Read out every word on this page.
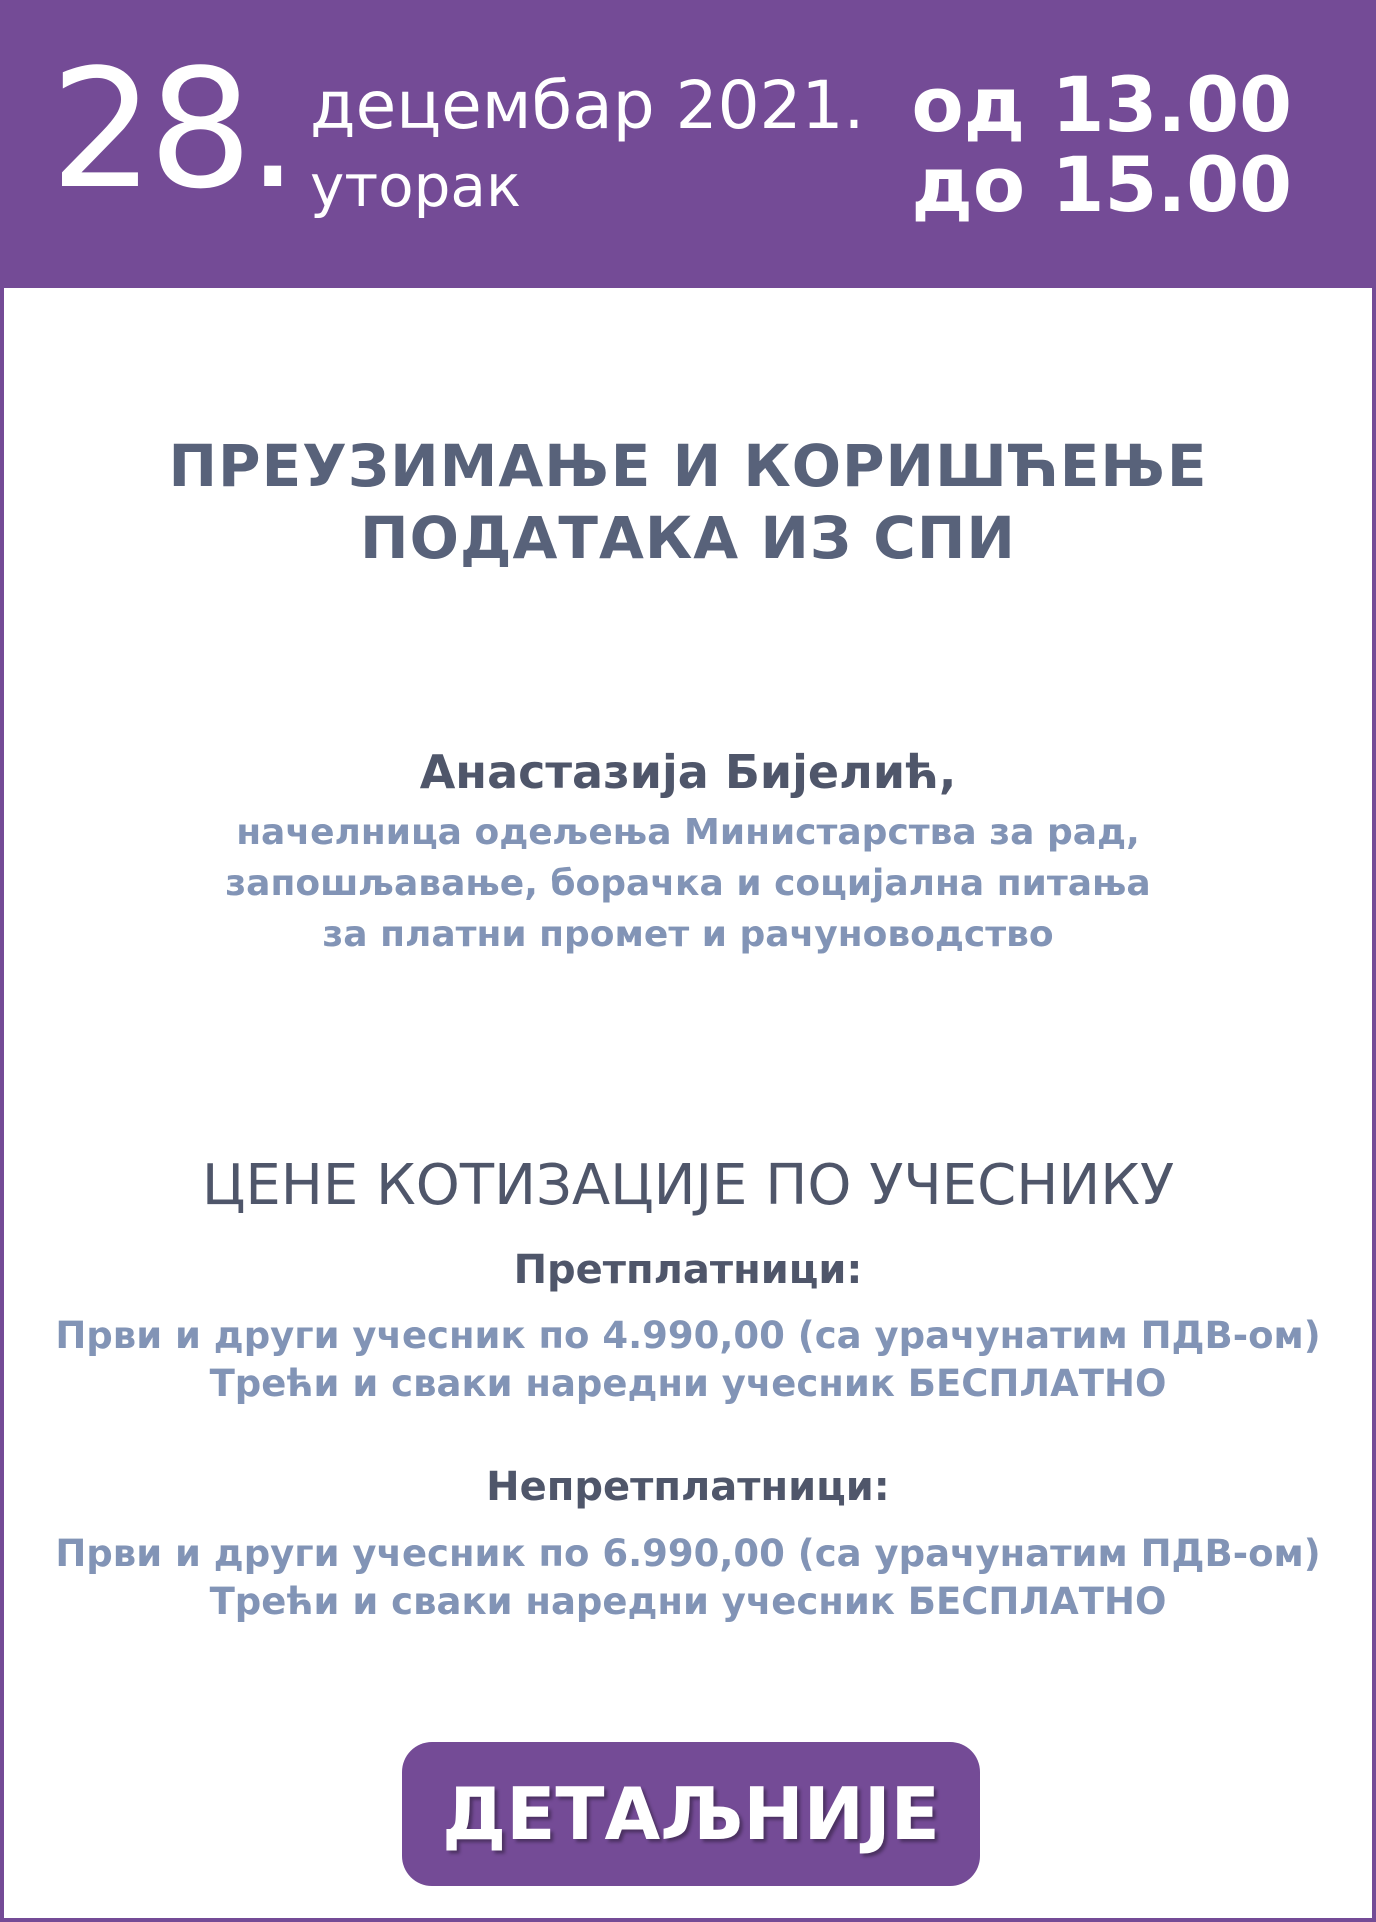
28. децембар 2021.
уторак
од 13.00
до 15.00
ПРЕУЗИМАЊЕ И КОРИШЋЕЊЕ
ПОДАТАКА ИЗ СПИ
Анастазија Бијелић,
начелница одељења Министарства за рад,
запошљавање, борачка и социјална питања
за платни промет и рачуноводство
ЦЕНЕ КОТИЗАЦИЈЕ ПО УЧЕСНИКУ
Претплатници:
Први и други учесник по 4.990,00 (са урачунатим ПДВ-ом)
Трећи и сваки наредни учесник БЕСПЛАТНО
Непретплатници:
Први и други учесник по 6.990,00 (са урачунатим ПДВ-ом)
Трећи и сваки наредни учесник БЕСПЛАТНО
ДЕТАЉНИЈЕ
